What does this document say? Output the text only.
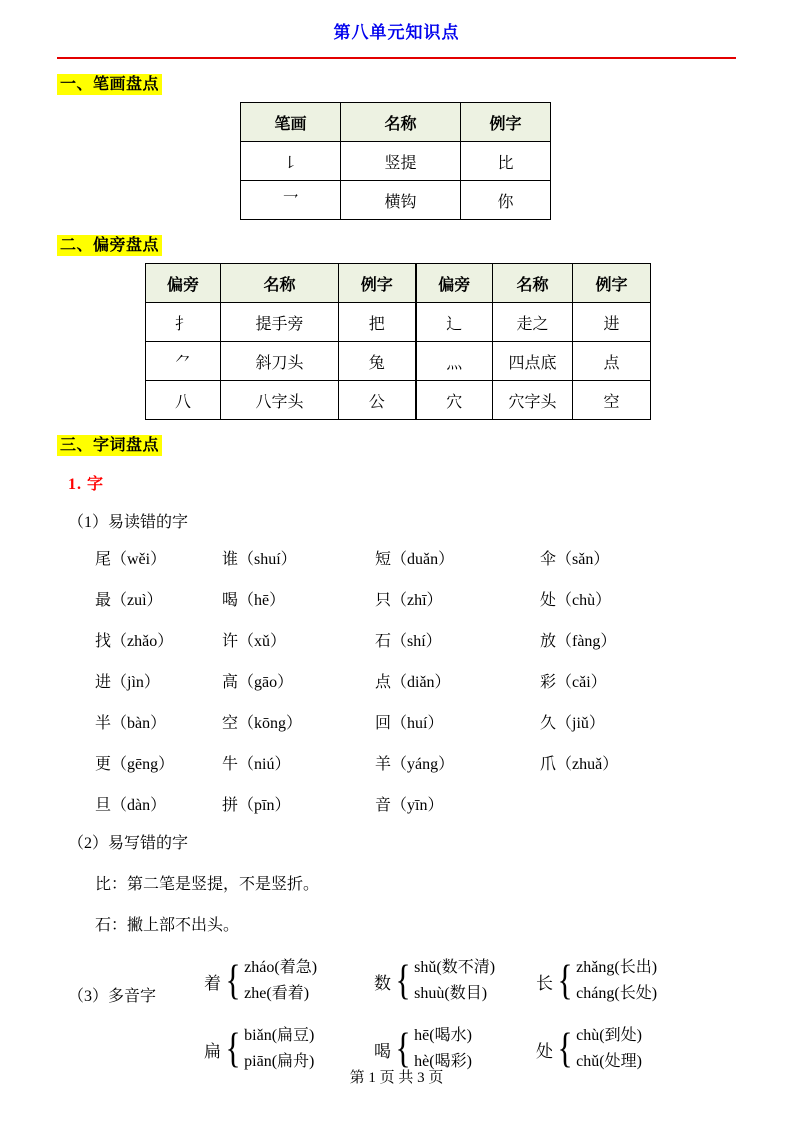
第八单元知识点
一、笔画盘点
笔画	名称	例字
㇙	竖提	比
乛	横钩	你
二、偏旁盘点
偏旁	名称	例字	偏旁	名称	例字
扌	提手旁	把	辶	走之	进
⺈	斜刀头	兔	灬	四点底	点
八	八字头	公	穴	穴字头	空
三、字词盘点
1. 字
（1）易读错的字
尾（wěi）	谁（shuí）	短（duǎn）	伞（sǎn）
最（zuì）	喝（hē）	只（zhī）	处（chù）
找（zhǎo）	许（xǔ）	石（shí）	放（fàng）
进（jìn）	高（gāo）	点（diǎn）	彩（cǎi）
半（bàn）	空（kōng）	回（huí）	久（jiǔ）
更（gēng）	牛（niú）	羊（yáng）	爪（zhuǎ）
旦（dàn）	拼（pīn）	音（yīn）
（2）易写错的字
比：第二笔是竖提，不是竖折。
石：撇上部不出头。
（3）多音字
着 { zháo(着急)
zhe(看着)
数 { shǔ(数不清)
shuù(数目)
长 { zhǎng(长出)
cháng(长处)
扁 { biǎn(扁豆)
piān(扁舟)
喝 { hē(喝水)
hè(喝彩)
处 { chù(到处)
chǔ(处理)
第 1 页 共 3 页
